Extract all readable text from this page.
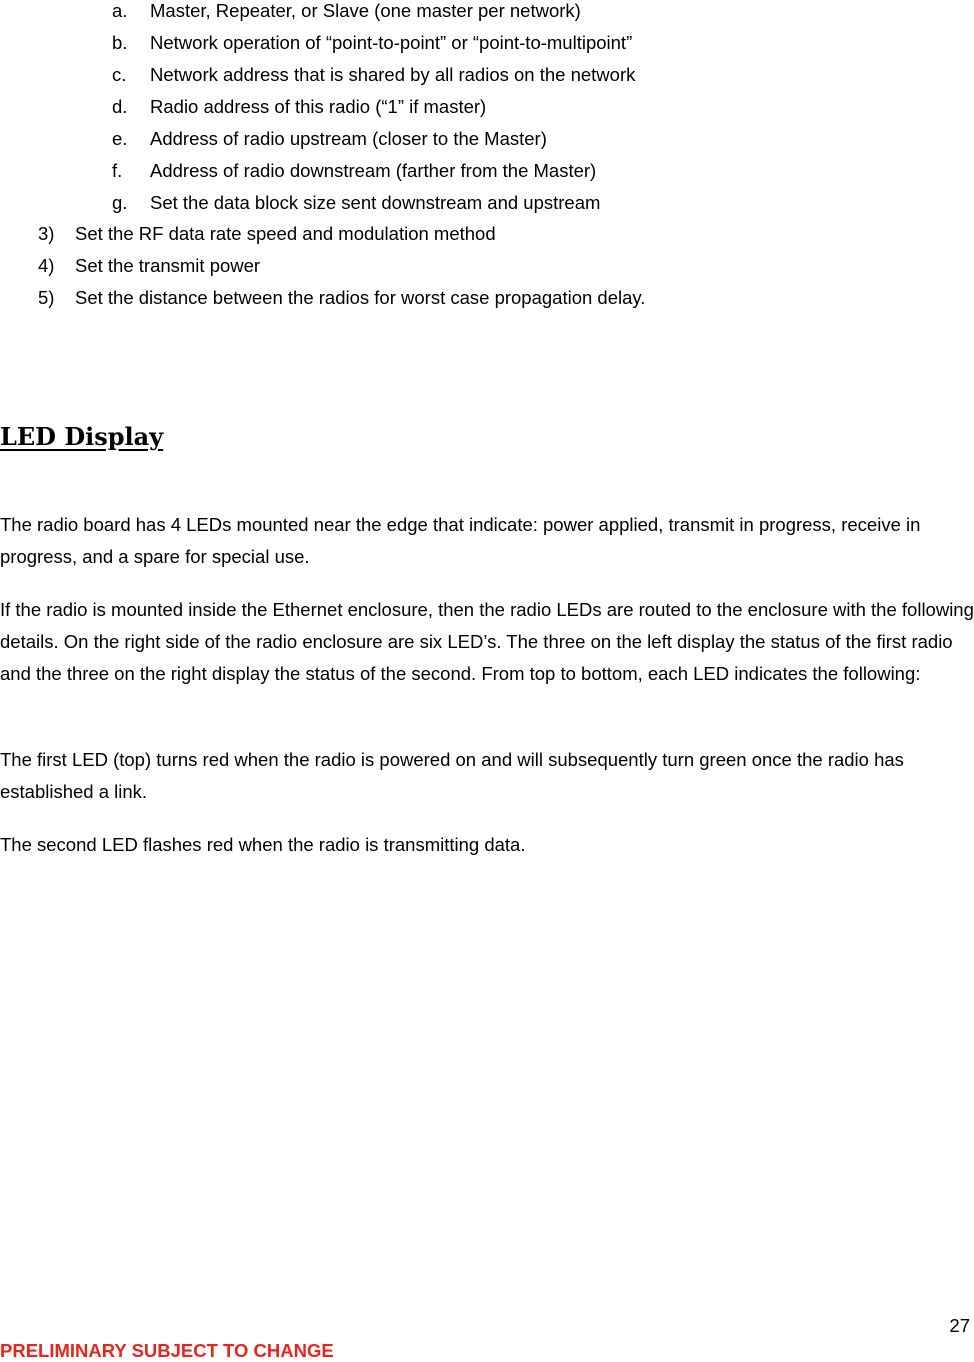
a. Master, Repeater, or Slave (one master per network)
b. Network operation of “point-to-point” or “point-to-multipoint”
c. Network address that is shared by all radios on the network
d. Radio address of this radio (“1” if master)
e. Address of radio upstream (closer to the Master)
f. Address of radio downstream (farther from the Master)
g. Set the data block size sent downstream and upstream
3) Set the RF data rate speed and modulation method
4) Set the transmit power
5) Set the distance between the radios for worst case propagation delay.
LED Display

The radio board has 4 LEDs mounted near the edge that indicate: power applied, transmit in progress, receive in progress, and a spare for special use.

If the radio is mounted inside the Ethernet enclosure, then the radio LEDs are routed to the enclosure with the following details. On the right side of the radio enclosure are six LED’s. The three on the left display the status of the first radio and the three on the right display the status of the second. From top to bottom, each LED indicates the following:

The first LED (top) turns red when the radio is powered on and will subsequently turn green once the radio has established a link.

The second LED flashes red when the radio is transmitting data.

27

PRELIMINARY SUBJECT TO CHANGE
